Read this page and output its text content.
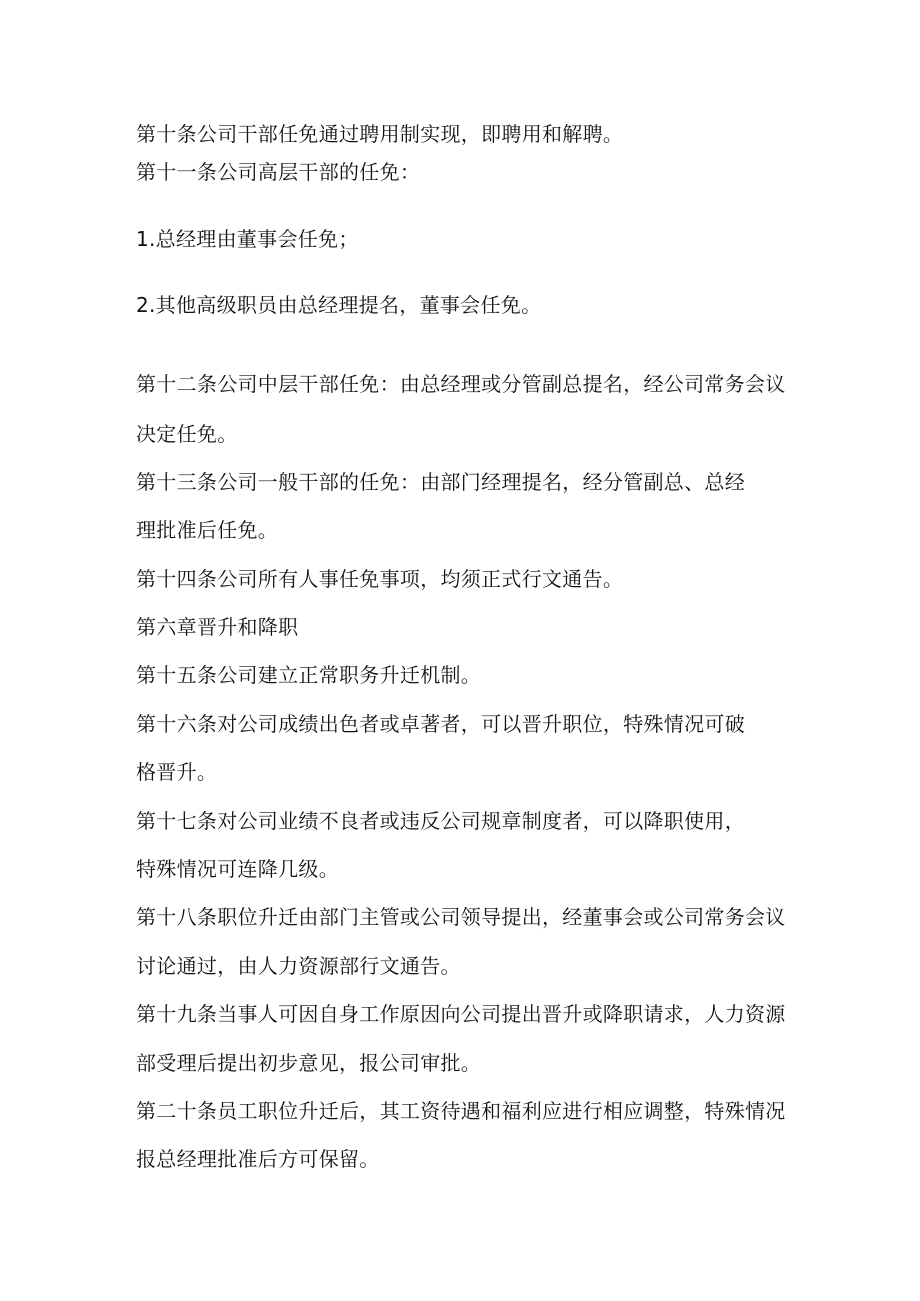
第十条公司干部任免通过聘用制实现，即聘用和解聘。
第十一条公司高层干部的任免：
1.总经理由董事会任免；
2.其他高级职员由总经理提名，董事会任免。
第十二条公司中层干部任免：由总经理或分管副总提名，经公司常务会议
决定任免。
第十三条公司一般干部的任免：由部门经理提名，经分管副总、总经
理批准后任免。
第十四条公司所有人事任免事项，均须正式行文通告。
第六章晋升和降职
第十五条公司建立正常职务升迁机制。
第十六条对公司成绩出色者或卓著者，可以晋升职位，特殊情况可破
格晋升。
第十七条对公司业绩不良者或违反公司规章制度者，可以降职使用，
特殊情况可连降几级。
第十八条职位升迁由部门主管或公司领导提出，经董事会或公司常务会议
讨论通过，由人力资源部行文通告。
第十九条当事人可因自身工作原因向公司提出晋升或降职请求，人力资源
部受理后提出初步意见，报公司审批。
第二十条员工职位升迁后，其工资待遇和福利应进行相应调整，特殊情况
报总经理批准后方可保留。
